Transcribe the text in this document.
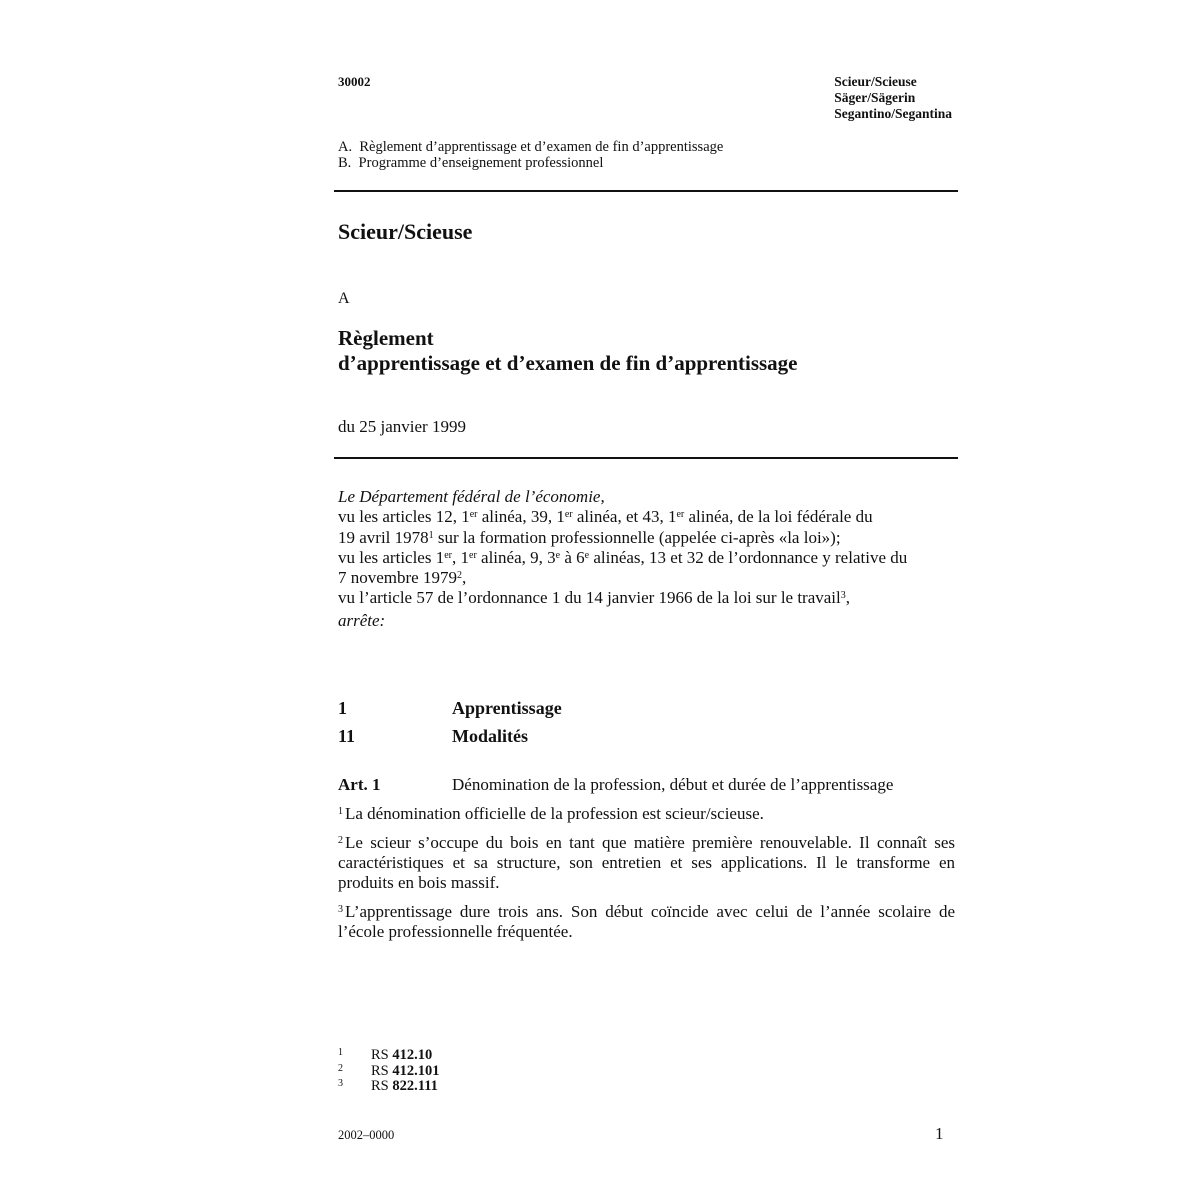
30002	Scieur/Scieuse
Säger/Sägerin
Segantino/Segantina
A.  Règlement d’apprentissage et d’examen de fin d’apprentissage
B.  Programme d’enseignement professionnel
Scieur/Scieuse
A
Règlement
d’apprentissage et d’examen de fin d’apprentissage
du 25 janvier 1999

Le Département fédéral de l’économie,

vu les articles 12, 1er alinéa, 39, 1er alinéa, et 43, 1er alinéa, de la loi fédérale du

19 avril 1978$^1$ sur la formation professionnelle (appelée ci-après «la loi»);

vu les articles 1er, 1er alinéa, 9, 3e à 6e alinéas, 13 et 32 de l’ordonnance y relative du

7 novembre 1979$^2$,

vu l’article 57 de l’ordonnance 1 du 14 janvier 1966 de la loi sur le travail$^3$,

arrête:

1	Apprentissage
11	Modalités
Art. 1	Dénomination de la profession, début et durée de l’apprentissage
$^1$ La dénomination officielle de la profession est scieur/scieuse.
$^2$ Le scieur s’occupe du bois en tant que matière première renouvelable. Il connaît ses caractéristiques et sa structure, son entretien et ses applications. Il le transforme en produits en bois massif.
$^3$ L’apprentissage dure trois ans. Son début coïncide avec celui de l’année scolaire de l’école professionnelle fréquentée.
1 RS 412.10
2 RS 412.101
3 RS 822.111
2002–0000	1
